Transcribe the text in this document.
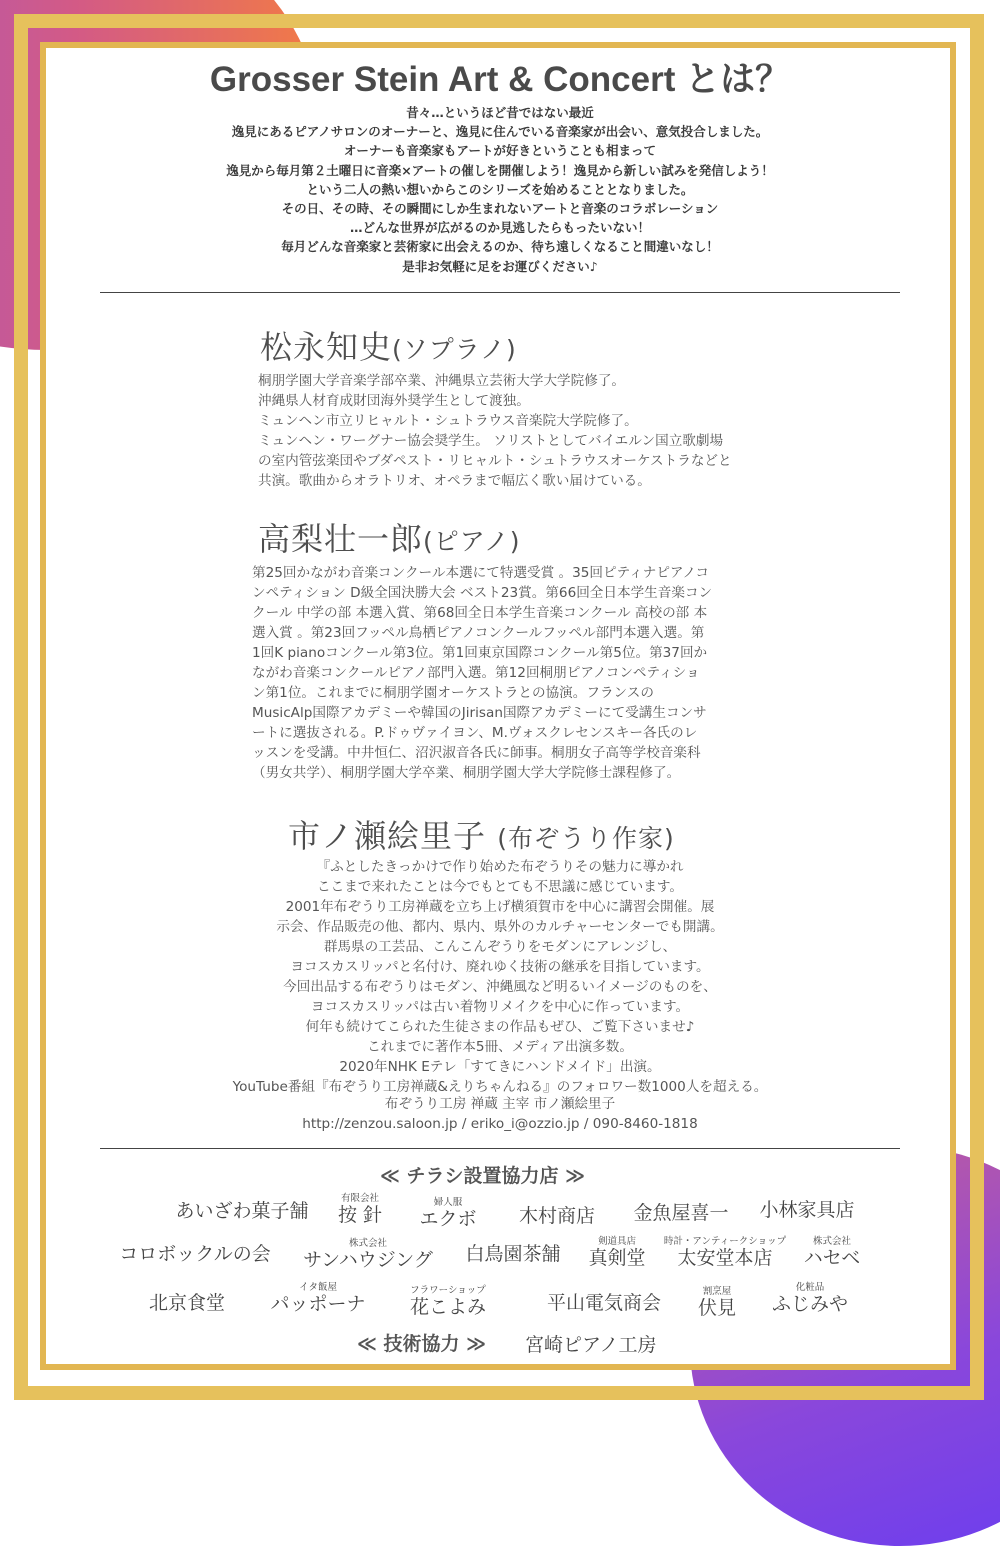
Grosser Stein Art & Concert とは？
昔々…というほど昔ではない最近
逸見にあるピアノサロンのオーナーと、逸見に住んでいる音楽家が出会い、意気投合しました。
オーナーも音楽家もアートが好きということも相まって
逸見から毎月第２土曜日に音楽×アートの催しを開催しよう！逸見から新しい試みを発信しよう！
という二人の熱い想いからこのシリーズを始めることとなりました。
その日、その時、その瞬間にしか生まれないアートと音楽のコラボレーション
…どんな世界が広がるのか見逃したらもったいない！
毎月どんな音楽家と芸術家に出会えるのか、待ち遠しくなること間違いなし！
是非お気軽に足をお運びください♪
松永知史(ソプラノ)
桐朋学園大学音楽学部卒業、沖縄県立芸術大学大学院修了。
沖縄県人材育成財団海外奨学生として渡独。
ミュンヘン市立リヒャルト・シュトラウス音楽院大学院修了。
ミュンヘン・ワーグナー協会奨学生。 ソリストとしてバイエルン国立歌劇場
の室内管弦楽団やブダペスト・リヒャルト・シュトラウスオーケストラなどと
共演。歌曲からオラトリオ、オペラまで幅広く歌い届けている。
高梨壮一郎(ピアノ)
第25回かながわ音楽コンクール本選にて特選受賞 。35回ピティナピアノコ
ンペティション D級全国決勝大会 ベスト23賞。第66回全日本学生音楽コン
クール 中学の部 本選入賞、第68回全日本学生音楽コンクール 高校の部 本
選入賞 。第23回フッペル鳥栖ピアノコンクールフッペル部門本選入選。第
1回K pianoコンクール第3位。第1回東京国際コンクール第5位。第37回か
ながわ音楽コンクールピアノ部門入選。第12回桐朋ピアノコンペティショ
ン第1位。これまでに桐朋学園オーケストラとの協演。フランスの
MusicAlp国際アカデミーや韓国のJirisan国際アカデミーにて受講生コンサ
ートに選抜される。P.ドゥヴァイヨン、M.ヴォスクレセンスキー各氏のレ
ッスンを受講。中井恒仁、沼沢淑音各氏に師事。桐朋女子高等学校音楽科
（男女共学）、桐朋学園大学卒業、桐朋学園大学大学院修士課程修了。
市ノ瀬絵里子 (布ぞうり作家)
『ふとしたきっかけで作り始めた布ぞうりその魅力に導かれ
ここまで来れたことは今でもとても不思議に感じています。
2001年布ぞうり工房禅蔵を立ち上げ横須賀市を中心に講習会開催。展
示会、作品販売の他、都内、県内、県外のカルチャーセンターでも開講。
群馬県の工芸品、こんこんぞうりをモダンにアレンジし、
ヨコスカスリッパと名付け、廃れゆく技術の継承を目指しています。
今回出品する布ぞうりはモダン、沖縄風など明るいイメージのものを、
ヨコスカスリッパは古い着物リメイクを中心に作っています。
何年も続けてこられた生徒さまの作品もぜひ、ご覧下さいませ♪
これまでに著作本5冊、メディア出演多数。
2020年NHK Eテレ「すてきにハンドメイド」出演。
YouTube番組『布ぞうり工房禅蔵&えりちゃんねる』のフォロワー数1000人を超える。
布ぞうり工房 禅蔵 主宰 市ノ瀬絵里子
http://zenzou.saloon.jp / eriko_i@ozzio.jp / 090-8460-1818
≪ チラシ設置協力店 ≫
あいざわ菓子舗
有限会社
按 針
婦人服
エクボ 木村商店 金魚屋喜一 小林家具店
コロボックルの会	株式会社
サンハウジング 白鳥園茶舗
剣道具店
真剣堂
時計・アンティークショップ
太安堂本店
株式会社
ハセベ
北京食堂
イタ飯屋
パッポーナ
フラワーショップ
花こよみ	平山電気商会
割烹屋
伏見
化粧品
ふじみや
≪ 技術協力 ≫ 宮崎ピアノ工房
